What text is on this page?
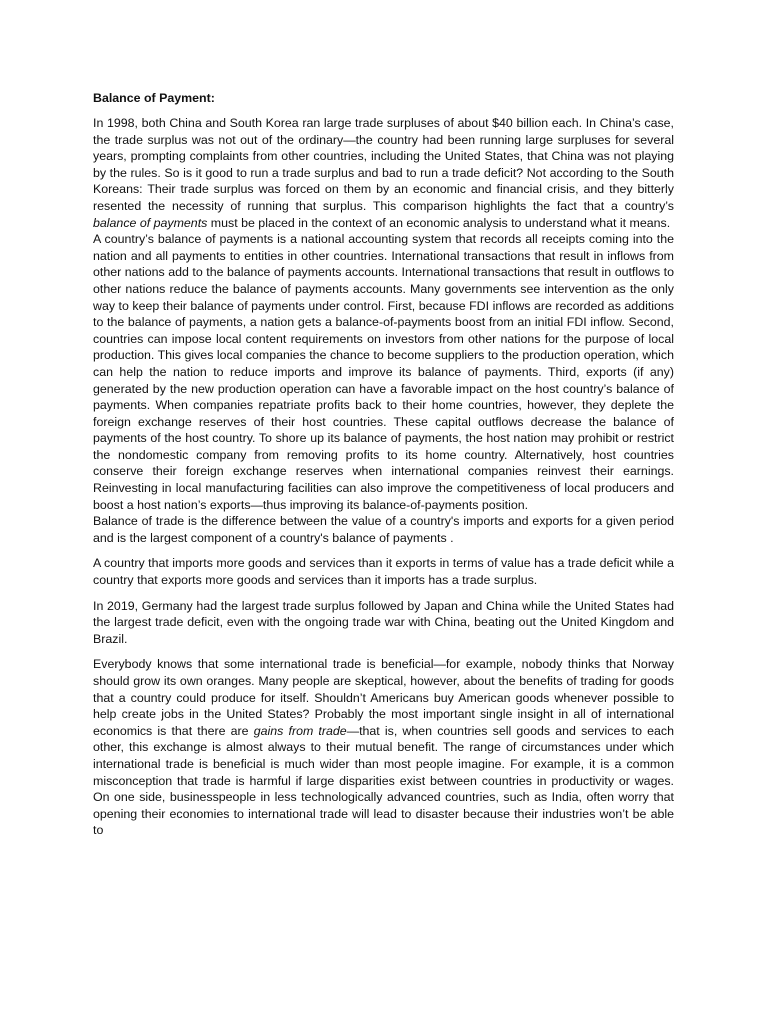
Balance of Payment:

In 1998, both China and South Korea ran large trade surpluses of about $40 billion each. In China’s case, the trade surplus was not out of the ordinary—the country had been running large surpluses for several years, prompting complaints from other countries, including the United States, that China was not playing by the rules. So is it good to run a trade surplus and bad to run a trade deficit? Not according to the South Koreans: Their trade surplus was forced on them by an economic and financial crisis, and they bitterly resented the necessity of running that surplus. This comparison highlights the fact that a country’s balance of payments must be placed in the context of an economic analysis to understand what it means.

A country’s balance of payments is a national accounting system that records all receipts coming into the nation and all payments to entities in other countries. International transactions that result in inflows from other nations add to the balance of payments accounts. International transactions that result in outflows to other nations reduce the balance of payments accounts. Many governments see intervention as the only way to keep their balance of payments under control. First, because FDI inflows are recorded as additions to the balance of payments, a nation gets a balance-of-payments boost from an initial FDI inflow. Second, countries can impose local content requirements on investors from other nations for the purpose of local production. This gives local companies the chance to become suppliers to the production operation, which can help the nation to reduce imports and improve its balance of payments. Third, exports (if any) generated by the new production operation can have a favorable impact on the host country’s balance of payments. When companies repatriate profits back to their home countries, however, they deplete the foreign exchange reserves of their host countries. These capital outflows decrease the balance of payments of the host country. To shore up its balance of payments, the host nation may prohibit or restrict the nondomestic company from removing profits to its home country. Alternatively, host countries conserve their foreign exchange reserves when international companies reinvest their earnings. Reinvesting in local manufacturing facilities can also improve the competitiveness of local producers and boost a host nation’s exports—thus improving its balance-of-payments position.

Balance of trade is the difference between the value of a country's imports and exports for a given period and is the largest component of a country's balance of payments .

A country that imports more goods and services than it exports in terms of value has a trade deficit while a country that exports more goods and services than it imports has a trade surplus.

In 2019, Germany had the largest trade surplus followed by Japan and China while the United States had the largest trade deficit, even with the ongoing trade war with China, beating out the United Kingdom and Brazil.

Everybody knows that some international trade is beneficial—for example, nobody thinks that Norway should grow its own oranges. Many people are skeptical, however, about the benefits of trading for goods that a country could produce for itself. Shouldn’t Americans buy American goods whenever possible to help create jobs in the United States? Probably the most important single insight in all of international economics is that there are gains from trade—that is, when countries sell goods and services to each other, this exchange is almost always to their mutual benefit. The range of circumstances under which international trade is beneficial is much wider than most people imagine. For example, it is a common misconception that trade is harmful if large disparities exist between countries in productivity or wages. On one side, businesspeople in less technologically advanced countries, such as India, often worry that opening their economies to international trade will lead to disaster because their industries won’t be able to
